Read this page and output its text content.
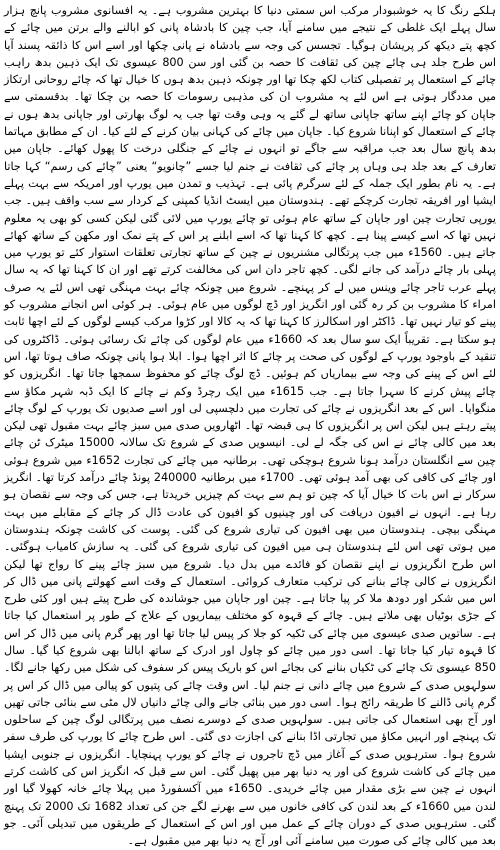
ہلکے رنگ کا یہ خوشبودار مرکب اس سمتی دنیا کا بہترین مشروب ہے۔ یہ افسانوی مشروب پانچ ہزار سال پہلے ایک غلطی کے نتیجے میں سامنے آیا، جب چین کا بادشاہ پانی کو ابالنے والے برتن میں چائے کے کچھ پتے دیکھ کر پریشان ہوگیا۔ تجسس کی وجہ سے بادشاہ نے پانی چکھا اور اسے اس کا ذائقہ پسند آیا اس طرح جلد ہی چائے چین کی ثقافت کا حصہ بن گئی اور سن 800 عیسوی تک ایک ذہین بدھ راہب چائے کے استعمال پر تفصیلی کتاب لکھ چکا تھا اور چونکہ ذہین بدھ ہوں کا خیال تھا کہ چائے روحانی ارتکاز میں مددگار ہوتی ہے اس لئے یہ مشروب ان کی مذہبی رسومات کا حصہ بن چکا تھا۔ بدقسمتی سے جاپان کو چائے اپنے ساتھ جاپانی ساتھ لے گئے یہ وہی وقت تھا جب یہ لوگ بھارتی اور جاپانی بدھ ہوں نے چائے کے استعمال کو اپنانا شروع کیا۔ جاپان میں چائے کی کہانی بیان کرنے کے لئے کیا۔ ان کے مطابق مہاتما بدھ پانچ سال بعد جب مراقبہ سے جاگے تو انہوں نے چائے کے جنگلی درخت کا پھول کھائے۔ جاپان میں تعارف کے بعد جلد ہی وہاں پر چائے کی ثقافت نے جنم لیا جسے ”چانویو“ یعنی ”چائے کی رسم“ کہا جاتا ہے۔ یہ نام بطور ایک جملہ کے لئے سرگرم پائی ہے۔ تہذیب و تمدن میں یورپ اور امریکہ سے بہت پہلے ایشیا اور افریقہ تجارت کرچکے تھے۔ ہندوستان میں ایسٹ انڈیا کمپنی کے کردار سے سب واقف ہیں۔ جب یورپی تجارت چین اور جاپان کے ساتھ عام ہوئی تو چائے یورپ میں لائی گئی لیکن کسی کو بھی یہ معلوم نہیں تھا کہ اسے کیسے پینا ہے۔ کچھ کا کہنا تھا کہ اسے ابلنے پر اس کے پتے نمک اور مکھن کے ساتھ کھائے جاتے ہیں۔ 1560ء میں جب پرتگالی مشنریوں نے چین کے ساتھ تجارتی تعلقات استوار کئے تو یورپ میں پہلی بار چائے درآمد کی جانے لگی۔ کچھ تاجر دان اس کی مخالفت کرتے تھے اور ان کا کہنا تھا کہ یہ سال پہلے عرب تاجر چائے وینس میں لے کر پہنچے۔ شروع میں چونکہ چائے بہت مہنگی تھی اس لئے یہ صرف امراء کا مشروب بن کر رہ گئی اور انگریز اور ڈچ لوگوں میں عام ہوئی۔ ہر کوئی اس انجانے مشروب کو پینے کو تیار نہیں تھا۔ ڈاکٹر اور اسکالرز کا کہنا تھا کہ یہ کالا اور کڑوا مرکب کیسے لوگوں کے لئے اچھا ثابت ہو سکتا ہے۔ تقریباً ایک سو سال بعد کہ 1660ء میں عام لوگوں کی چائے تک رسائی ہوئی۔ ڈاکٹروں کی تنقید کے باوجود یورپ کے لوگوں کی صحت پر چائے کا اثر اچھا ہوا۔ ابلا ہوا پانی چونکہ صاف ہوتا تھا، اس لئے اس کے پینے کی وجہ سے بیماریاں کم ہوئیں۔ ڈچ لوگ چائے کو محفوظ سمجھا جاتا تھا۔ انگریزوں کو چائے پیش کرنے کا سہرا جاتا ہے۔ جب 1615ء میں ایک رچرڈ وکم نے چائے کا ایک ڈبہ شہر مکاؤ سے منگوایا۔ اس کے بعد انگریزوں نے چائے کی تجارت میں دلچسپی لی اور اسے صدیوں تک یورپ کے لوگ چائے پیتے رہتے ہیں لیکن اس پر انگریزوں کا ہی قبضہ تھا۔ اٹھارویں صدی میں سبز چائے بہت مقبول تھی لیکن بعد میں کالی چائے نے اس کی جگہ لے لی۔ انیسویں صدی کے شروع تک سالانہ 15000 میٹرک ٹن چائے چین سے انگلستان درآمد ہونا شروع ہوچکی تھی۔ برطانیہ میں چائے کی تجارت 1652ء میں شروع ہوئی اور چائے کی کافی کی بھی آمد ہوئی تھی۔ 1700ء میں برطانیہ 240000 پونڈ چائے درآمد کرتا تھا۔ انگریز سرکار نے اس بات کا خیال آیا کہ چین تو ہم سے بہت کم چیزیں خریدتا ہے، جس کی وجہ سے نقصان ہو رہا ہے۔ انہوں نے افیون دریافت کی اور چینیوں کو افیون کی عادت ڈال کر چائے کے مقابلے میں بہت مہنگی بیچی۔ ہندوستان میں بھی افیون کی تیاری شروع کی گئی۔ پوست کی کاشت چونکہ ہندوستان میں ہوتی تھی اس لئے ہندوستان ہی میں افیون کی تیاری شروع کی گئی۔ یہ سازش کامیاب ہوگئی۔ اس طرح انگریزوں نے اپنے نقصان کو فائدے میں بدل دیا۔ شروع میں سبز چائے پینے کا رواج تھا لیکن انگریزوں نے کالی چائے بنانے کی ترکیب متعارف کروائی۔ استعمال کے وقت اسے کھولتے پانی میں ڈال کر اس میں شکر اور دودھ ملا کر پیا جاتا ہے۔ چین اور جاپان میں جوشاندہ کی طرح پیتے ہیں اور کئی طرح کے جڑی بوٹیاں بھی ملاتے ہیں۔ چائے کے قہوہ کو مختلف بیماریوں کے علاج کے طور پر استعمال کیا جاتا ہے۔ ساتویں صدی عیسوی میں چائے کی ٹکیہ کو جلا کر پیس لیا جاتا تھا اور پھر گرم پانی میں ڈال کر اس کا قہوہ تیار کیا جاتا تھا۔ اسی دور میں چائے کو چاول اور ادرک کے ساتھ ابالنا بھی شروع کیا گیا۔ سال 850 عیسوی تک چائے کی ٹکیاں بنانے کی بجائے اس کو باریک پیس کر سفوف کی شکل میں رکھا جانے لگا۔ سولہویں صدی کے شروع میں چائے دانی نے جنم لیا۔ اس وقت چائے کی پتیوں کو پیالی میں ڈال کر اس پر گرم پانی ڈالنے کا طریقہ رائج ہوا۔ اسی دور میں بنائی جانے والی چائے دانیاں لال مٹی سے بنائی جاتی تھیں اور آج بھی استعمال کی جاتی ہیں۔ سولہویں صدی کے دوسرے نصف میں پرتگالی لوگ چین کے ساحلوں تک پہنچے اور انہیں مکاؤ میں تجارتی اڈا بنانے کی اجازت دی گئی۔ اس طرح چائے کا یورپ کی طرف سفر شروع ہوا۔ سترہویں صدی کے آغاز میں ڈچ تاجروں نے چائے کو یورپ پہنچایا۔ انگریزوں نے جنوبی ایشیا میں چائے کی کاشت شروع کی اور یہ دنیا بھر میں پھیل گئی۔ اس سے قبل کہ انگریز اس کی کاشت کرتے انہوں نے چین سے بڑی مقدار میں چائے خریدی۔ 1650ء میں آکسفورڈ میں پہلا چائے خانہ کھولا گیا اور لندن میں 1660ء کے بعد لندن کی کافی خانوں میں سے بھرنے لگے جن کی تعداد 1682 تک 2000 تک پہنچ گئی۔ سترہویں صدی کے دوران چائے کے عمل میں اور اس کے استعمال کے طریقوں میں تبدیلی آئی۔ جو بعد میں کالی چائے کی صورت میں سامنے آئی اور آج یہ دنیا بھر میں مقبول ہے۔
